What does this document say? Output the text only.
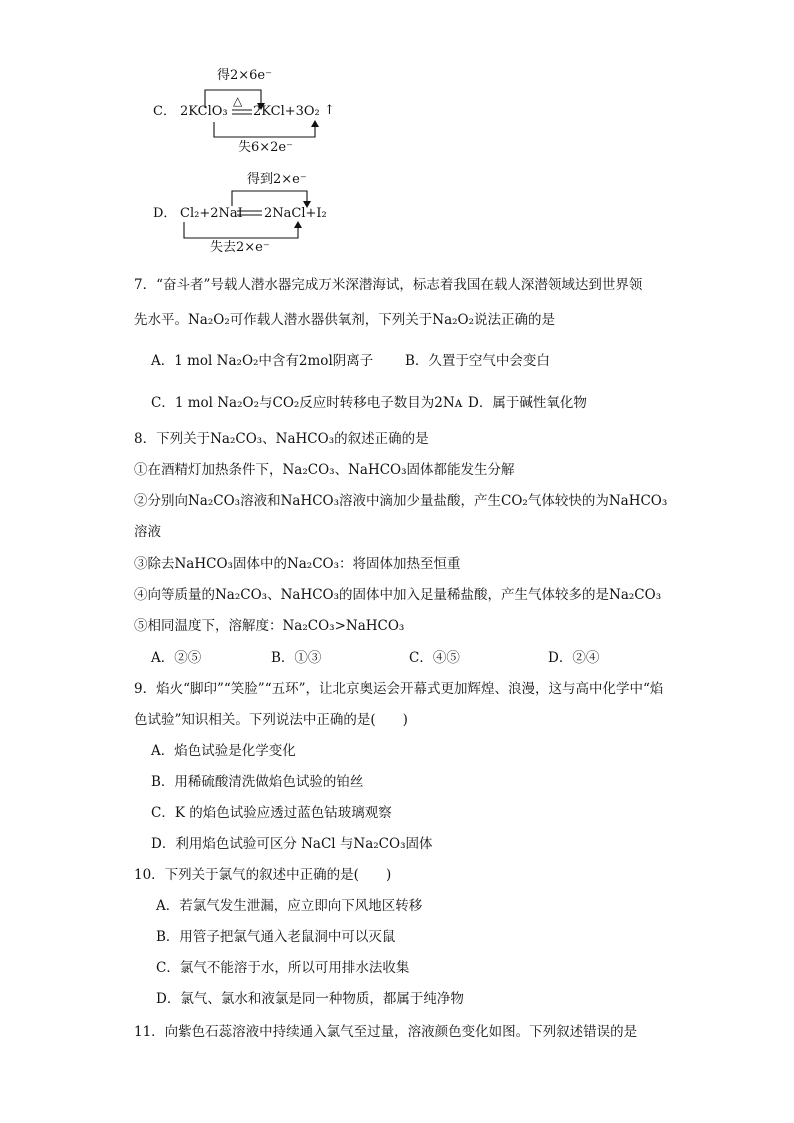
得2×6e⁻
△
C． 2KClO₃ 2KCl+3O₂ ↑
失6×2e⁻
得到2×e⁻
D． Cl₂+2NaI 2NaCl+I₂
失去2×e⁻
7．“奋斗者”号载人潜水器完成万米深潜海试，标志着我国在载人深潜领域达到世界领
先水平。Na₂O₂可作载人潜水器供氧剂，下列关于Na₂O₂说法正确的是
A．1 mol Na₂O₂中含有2mol阴离子 B．久置于空气中会变白
C．1 mol Na₂O₂与CO₂反应时转移电子数目为2Nᴀ D．属于碱性氧化物
8．下列关于Na₂CO₃、NaHCO₃的叙述正确的是
①在酒精灯加热条件下，Na₂CO₃、NaHCO₃固体都能发生分解
②分别向Na₂CO₃溶液和NaHCO₃溶液中滴加少量盐酸，产生CO₂气体较快的为NaHCO₃
溶液
③除去NaHCO₃固体中的Na₂CO₃：将固体加热至恒重
④向等质量的Na₂CO₃、NaHCO₃的固体中加入足量稀盐酸，产生气体较多的是Na₂CO₃
⑤相同温度下，溶解度：Na₂CO₃>NaHCO₃
A．②⑤	B．①③	C．④⑤	D．②④
9．焰火“脚印”“笑脸”“五环”，让北京奥运会开幕式更加辉煌、浪漫，这与高中化学中“焰
色试验”知识相关。下列说法中正确的是(　　)
A．焰色试验是化学变化
B．用稀硫酸清洗做焰色试验的铂丝
C．K 的焰色试验应透过蓝色钴玻璃观察
D．利用焰色试验可区分 NaCl 与Na₂CO₃固体
10．下列关于氯气的叙述中正确的是(　　)
A．若氯气发生泄漏，应立即向下风地区转移
B．用管子把氯气通入老鼠洞中可以灭鼠
C．氯气不能溶于水，所以可用排水法收集
D．氯气、氯水和液氯是同一种物质，都属于纯净物
11．向紫色石蕊溶液中持续通入氯气至过量，溶液颜色变化如图。下列叙述错误的是
